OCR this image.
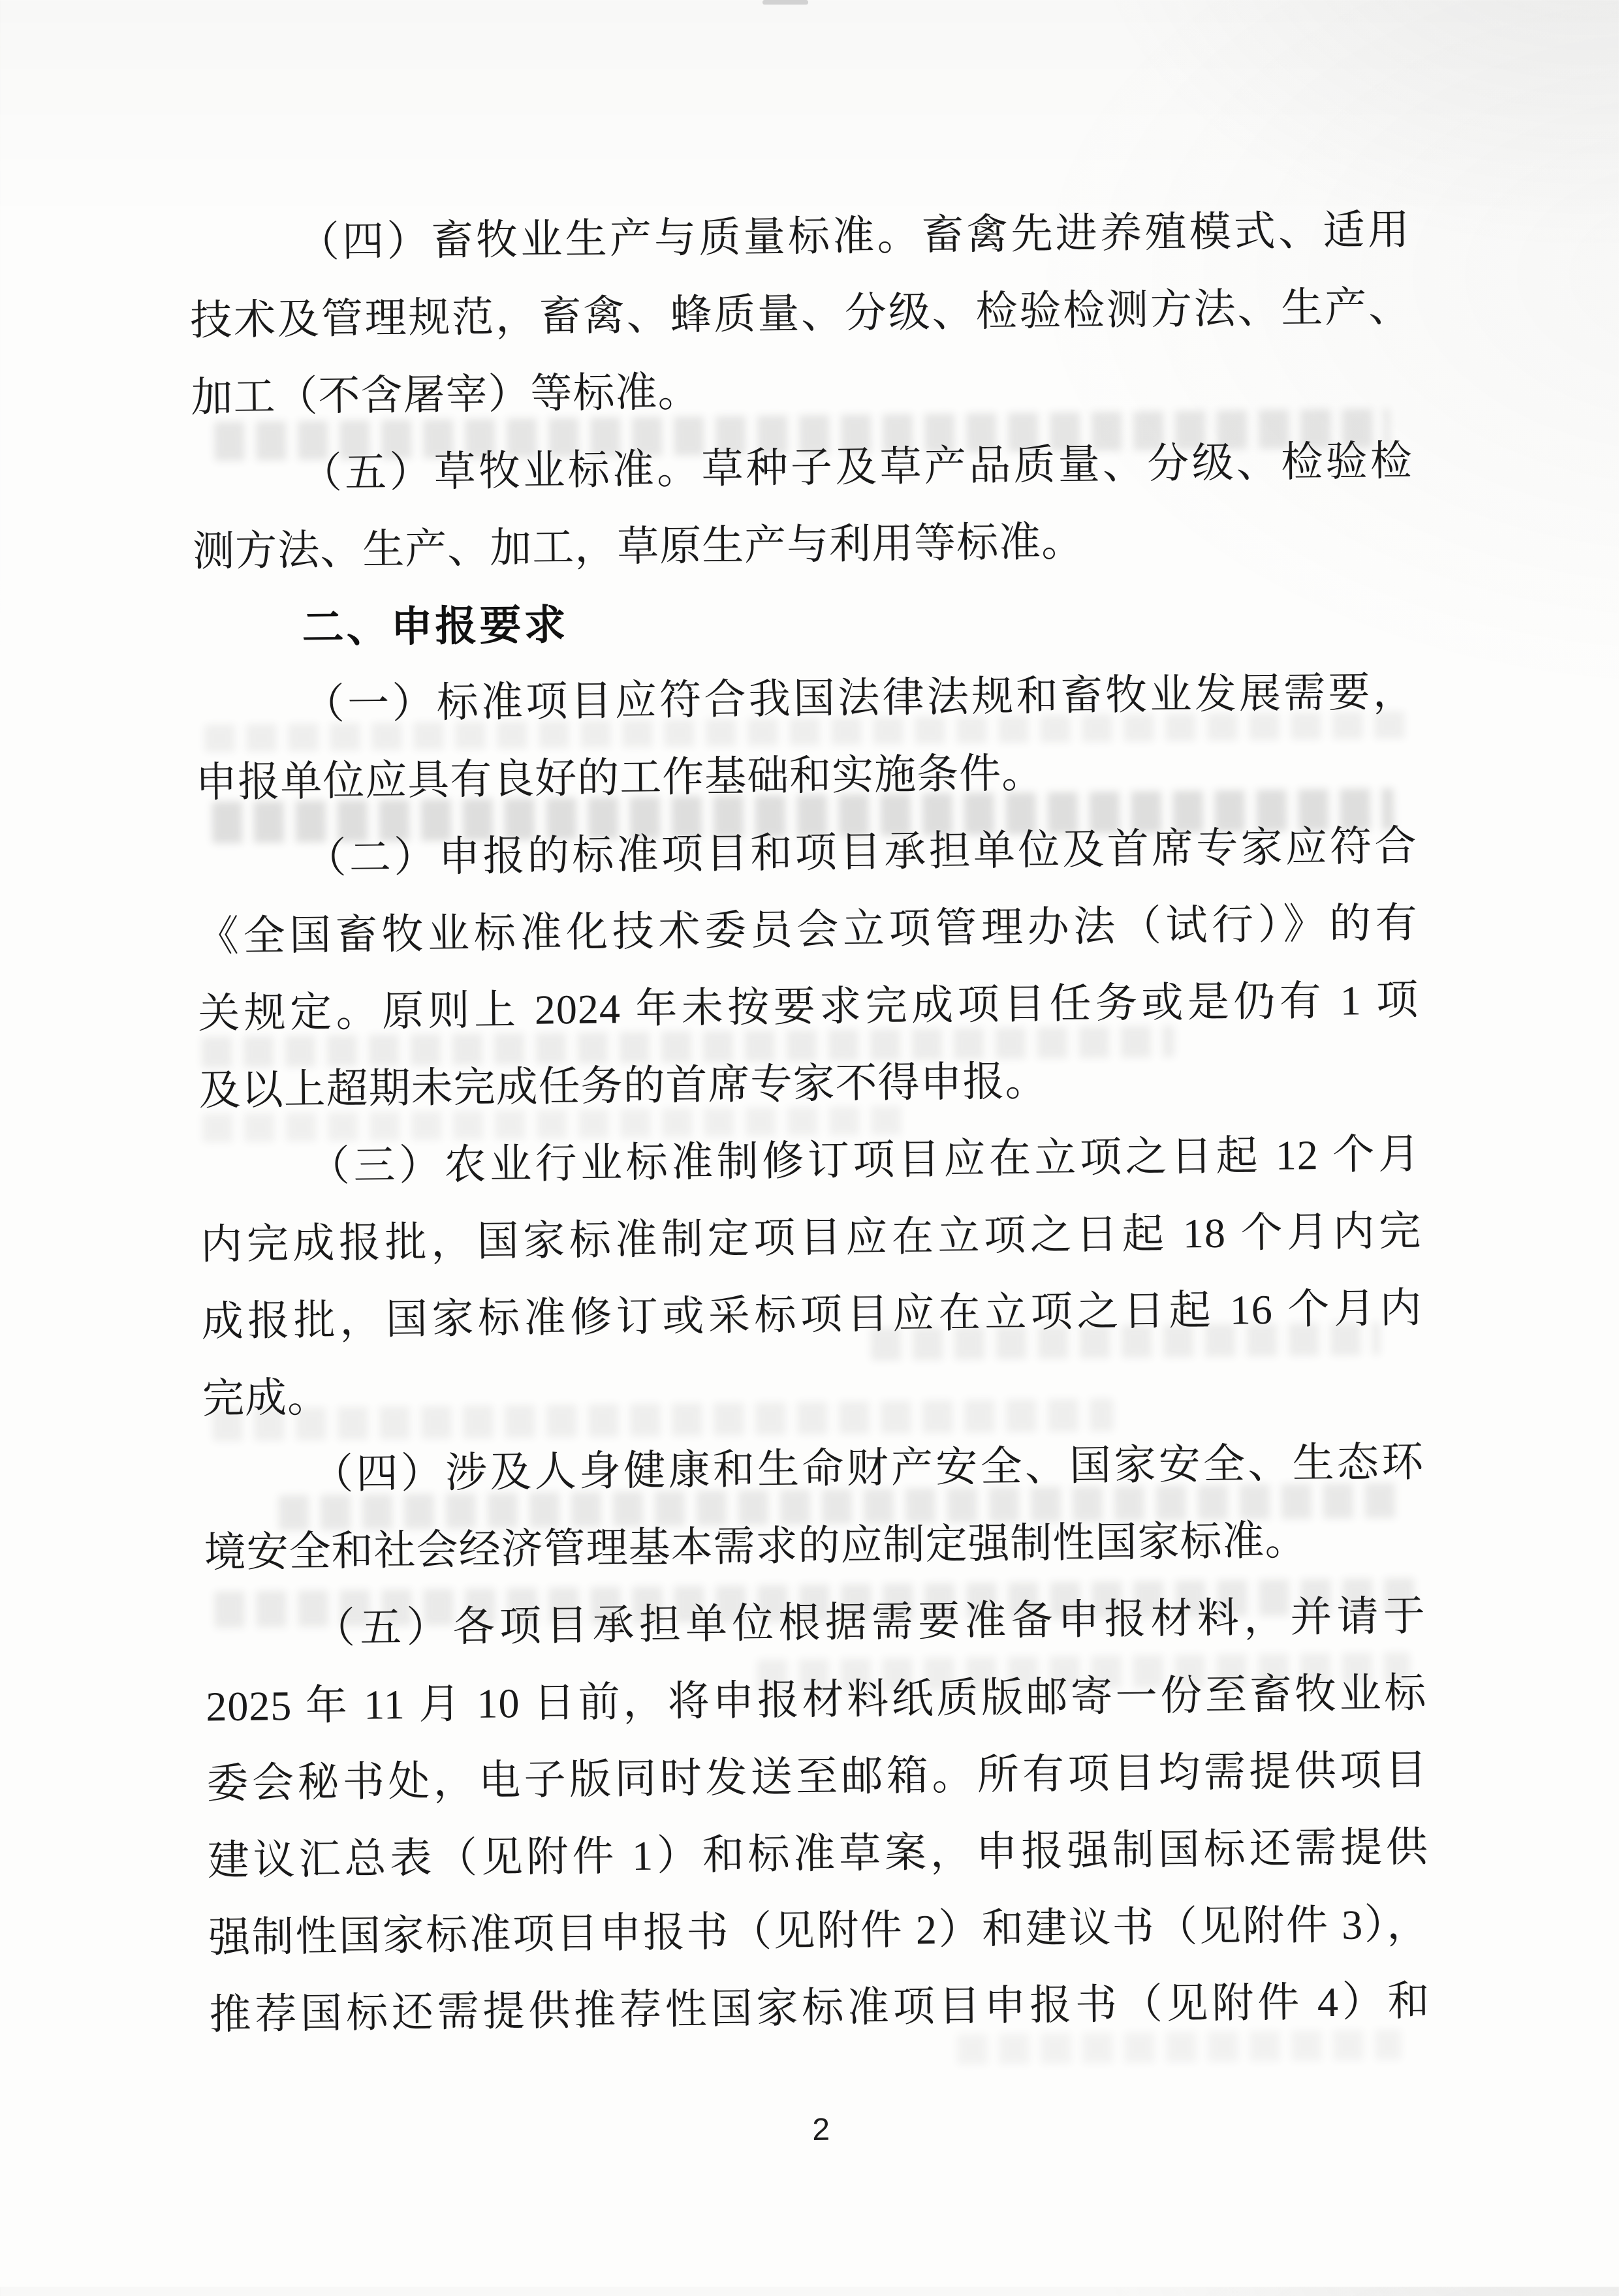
（四）畜牧业生产与质量标准。畜禽先进养殖模式、适用
技术及管理规范，畜禽、蜂质量、分级、检验检测方法、生产、
加工（不含屠宰）等标准。
（五）草牧业标准。草种子及草产品质量、分级、检验检
测方法、生产、加工，草原生产与利用等标准。
二、申报要求
（一）标准项目应符合我国法律法规和畜牧业发展需要，
申报单位应具有良好的工作基础和实施条件。
（二）申报的标准项目和项目承担单位及首席专家应符合
《全国畜牧业标准化技术委员会立项管理办法（试行）》的有
关规定。原则上 2024 年未按要求完成项目任务或是仍有 1 项
及以上超期未完成任务的首席专家不得申报。
（三）农业行业标准制修订项目应在立项之日起 12 个月
内完成报批，国家标准制定项目应在立项之日起 18 个月内完
成报批，国家标准修订或采标项目应在立项之日起 16 个月内
完成。
（四）涉及人身健康和生命财产安全、国家安全、生态环
境安全和社会经济管理基本需求的应制定强制性国家标准。
（五）各项目承担单位根据需要准备申报材料，并请于
2025 年 11 月 10 日前，将申报材料纸质版邮寄一份至畜牧业标
委会秘书处，电子版同时发送至邮箱。所有项目均需提供项目
建议汇总表（见附件 1）和标准草案，申报强制国标还需提供
强制性国家标准项目申报书（见附件 2）和建议书（见附件 3），
推荐国标还需提供推荐性国家标准项目申报书（见附件 4）和
2
